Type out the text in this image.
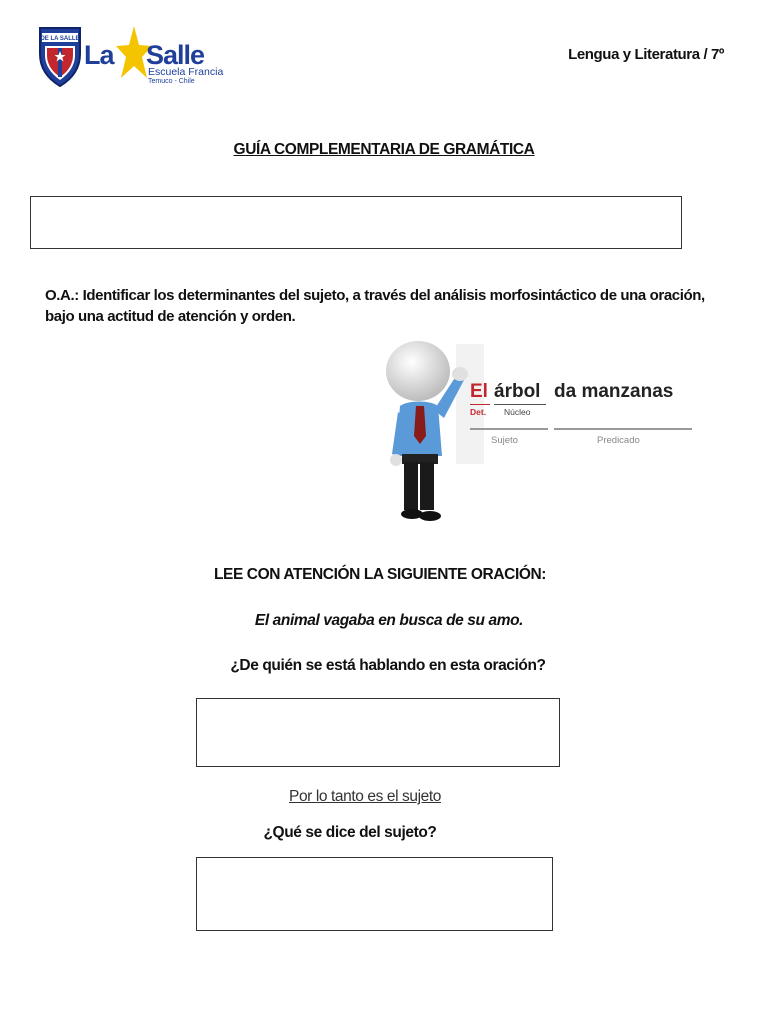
DE LA SALLE
La Salle
Escuela Francia
Temuco - Chile
Lengua y Literatura / 7º
GUÍA COMPLEMENTARIA DE GRAMÁTICA
O.A.: Identificar los determinantes del sujeto, a través del análisis morfosintáctico de una oración, bajo una actitud de atención y orden.
El árbol da manzanas
Det. Núcleo
Sujeto	Predicado
LEE CON ATENCIÓN LA SIGUIENTE ORACIÓN:
El animal vagaba en busca de su amo.
¿De quién se está hablando en esta oración?
Por lo tanto es el sujeto
¿Qué se dice del sujeto?
